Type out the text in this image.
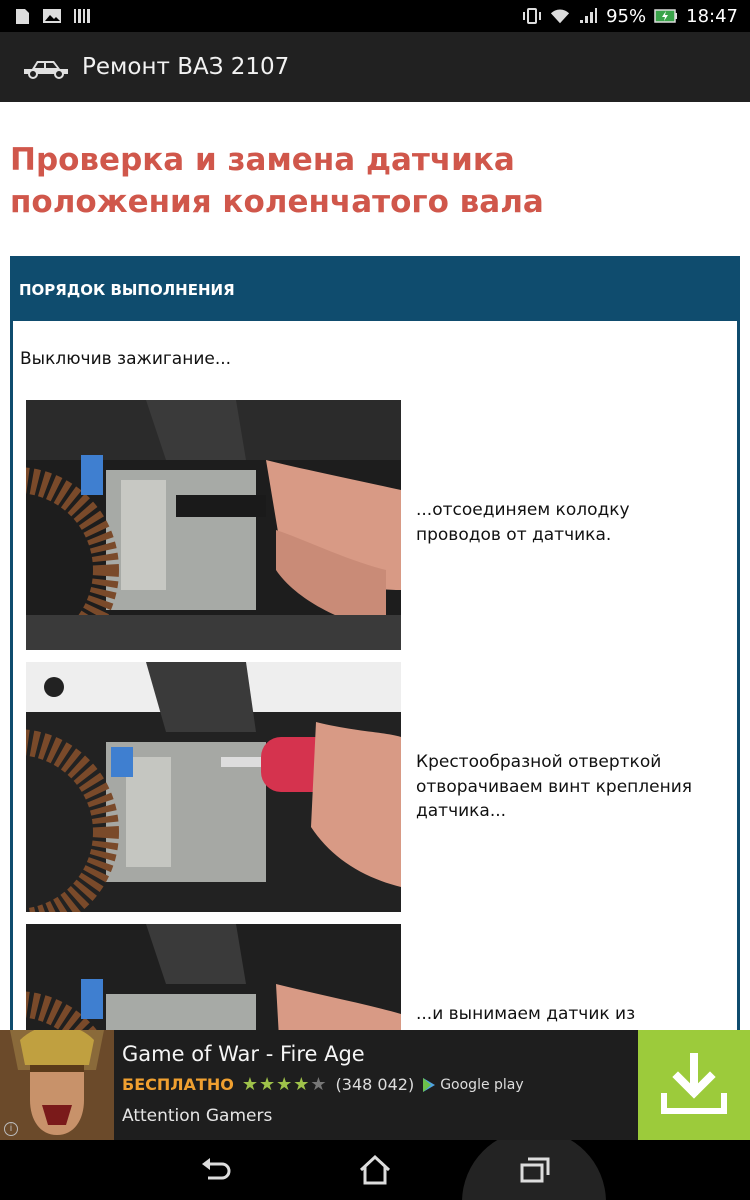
95% 18:47
Ремонт ВАЗ 2107
Проверка и замена датчика положения коленчатого вала
ПОРЯДОК ВЫПОЛНЕНИЯ
Выключив зажигание...
...отсоединяем колодку проводов от датчика.
Крестообразной отверткой отворачиваем винт крепления датчика...
...и вынимаем датчик из
i
Game of War - Fire Age
БЕСПЛАТНО ★★★★★ (348 042) Google play
Attention Gamers
